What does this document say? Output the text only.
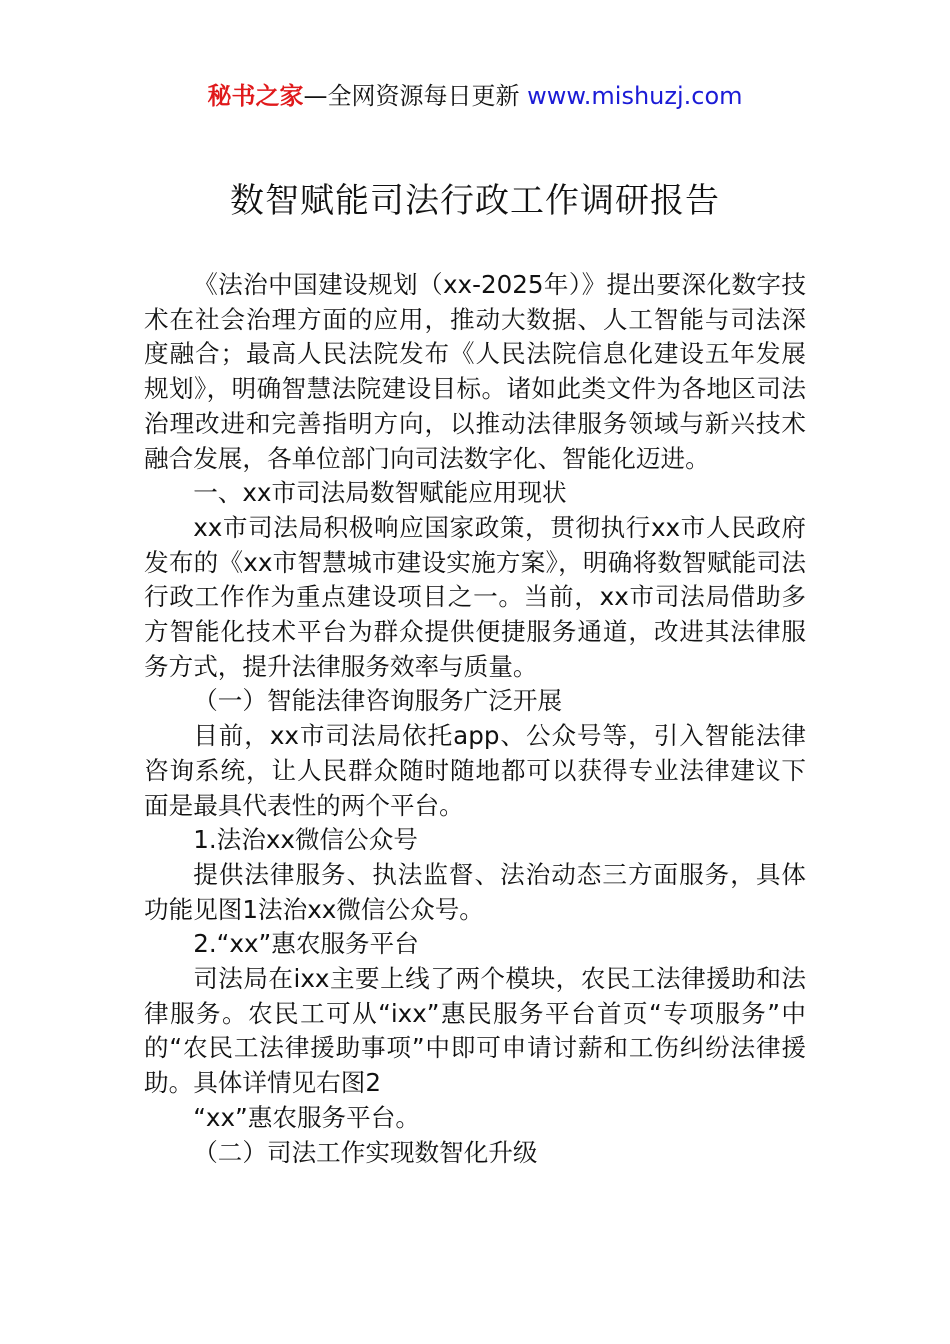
秘书之家—全网资源每日更新 www.mishuzj.com
数智赋能司法行政工作调研报告

《法治中国建设规划（xx-2025年）》提出要深化数字技术在社会治理方面的应用，推动大数据、人工智能与司法深度融合；最高人民法院发布《人民法院信息化建设五年发展规划》，明确智慧法院建设目标。诸如此类文件为各地区司法治理改进和完善指明方向，以推动法律服务领域与新兴技术融合发展，各单位部门向司法数字化、智能化迈进。

一、xx市司法局数智赋能应用现状

xx市司法局积极响应国家政策，贯彻执行xx市人民政府发布的《xx市智慧城市建设实施方案》，明确将数智赋能司法行政工作作为重点建设项目之一。当前，xx市司法局借助多方智能化技术平台为群众提供便捷服务通道，改进其法律服务方式，提升法律服务效率与质量。

（一）智能法律咨询服务广泛开展

目前，xx市司法局依托app、公众号等，引入智能法律咨询系统，让人民群众随时随地都可以获得专业法律建议下面是最具代表性的两个平台。

1.法治xx微信公众号

提供法律服务、执法监督、法治动态三方面服务，具体功能见图1法治xx微信公众号。

2.“xx”惠农服务平台

司法局在ixx主要上线了两个模块，农民工法律援助和法律服务。农民工可从“ixx”惠民服务平台首页“专项服务”中的“农民工法律援助事项”中即可申请讨薪和工伤纠纷法律援助。具体详情见右图2

“xx”惠农服务平台。

（二）司法工作实现数智化升级
